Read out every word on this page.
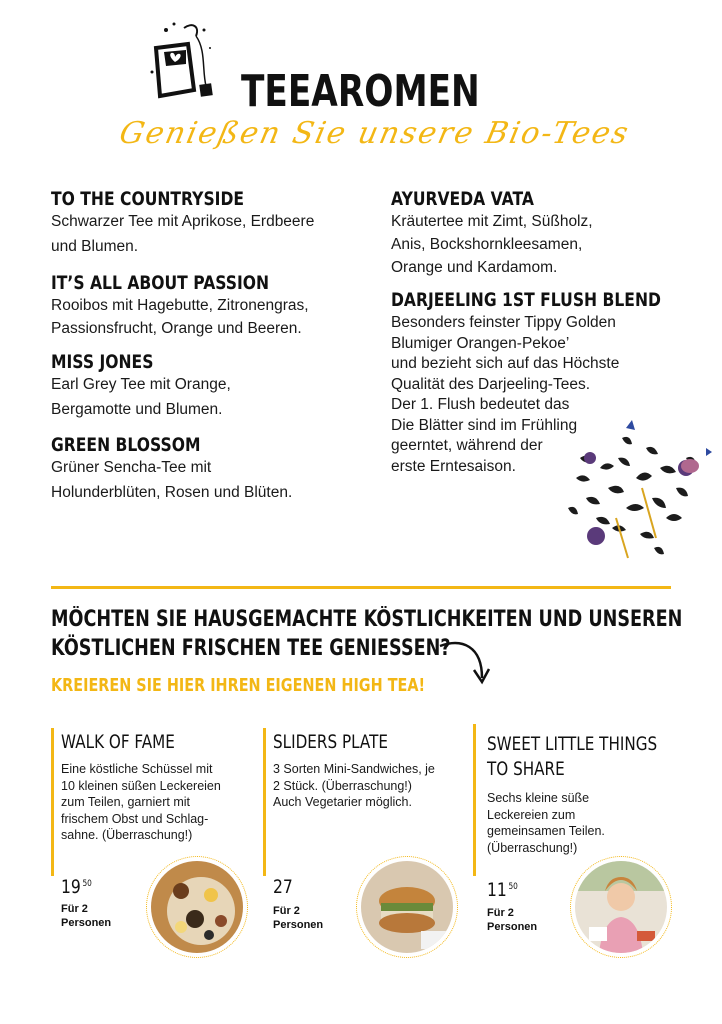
TEEAROMEN
Genießen Sie unsere Bio-Tees
TO THE COUNTRYSIDE
Schwarzer Tee mit Aprikose, Erdbeere
und Blumen.
IT’S ALL ABOUT PASSION
Rooibos mit Hagebutte, Zitronengras,
Passionsfrucht, Orange und Beeren.
MISS JONES
Earl Grey Tee mit Orange,
Bergamotte und Blumen.
GREEN BLOSSOM
Grüner Sencha-Tee mit
Holunderblüten, Rosen und Blüten.
AYURVEDA VATA
Kräutertee mit Zimt, Süßholz,
Anis, Bockshornkleesamen,
Orange und Kardamom.
DARJEELING 1ST FLUSH BLEND
Besonders feinster Tippy Golden
Blumiger Orangen-Pekoe’
und bezieht sich auf das Höchste
Qualität des Darjeeling-Tees.
Der 1. Flush bedeutet das
Die Blätter sind im Frühling
geerntet, während der
erste Erntesaison.
MÖCHTEN SIE HAUSGEMACHTE KÖSTLICHKEITEN UND UNSEREN
KÖSTLICHEN FRISCHEN TEE GENIESSEN?
KREIEREN SIE HIER IHREN EIGENEN HIGH TEA!
WALK OF FAME
Eine köstliche Schüssel mit
10 kleinen süßen Leckereien
zum Teilen, garniert mit
frischem Obst und Schlag-
sahne. (Überraschung!)
19 $^{50}$
Für 2
Personen
SLIDERS PLATE
3 Sorten Mini-Sandwiches, je
2 Stück. (Überraschung!)
Auch Vegetarier möglich.
27
Für 2
Personen
SWEET LITTLE THINGS
TO SHARE
Sechs kleine süße
Leckereien zum
gemeinsamen Teilen.
(Überraschung!)
11 $^{50}$
Für 2
Personen
